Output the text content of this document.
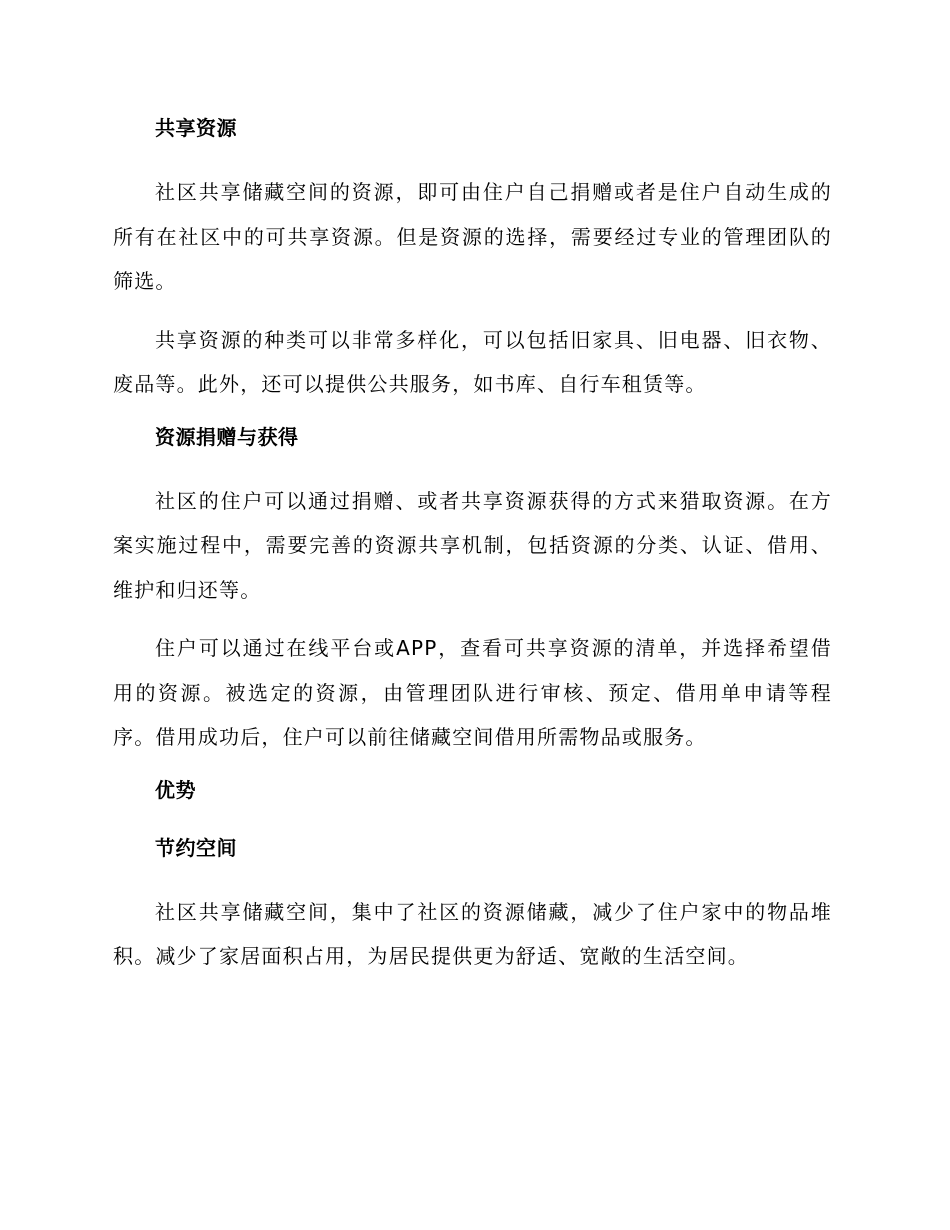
共享资源

社区共享储藏空间的资源，即可由住户自己捐赠或者是住户自动生成的所有在社区中的可共享资源。但是资源的选择，需要经过专业的管理团队的筛选。

共享资源的种类可以非常多样化，可以包括旧家具、旧电器、旧衣物、废品等。此外，还可以提供公共服务，如书库、自行车租赁等。

资源捐赠与获得

社区的住户可以通过捐赠、或者共享资源获得的方式来猎取资源。在方案实施过程中，需要完善的资源共享机制，包括资源的分类、认证、借用、维护和归还等。

住户可以通过在线平台或APP，查看可共享资源的清单，并选择希望借用的资源。被选定的资源，由管理团队进行审核、预定、借用单申请等程序。借用成功后，住户可以前往储藏空间借用所需物品或服务。

优势
节约空间

社区共享储藏空间，集中了社区的资源储藏，减少了住户家中的物品堆积。减少了家居面积占用，为居民提供更为舒适、宽敞的生活空间。
